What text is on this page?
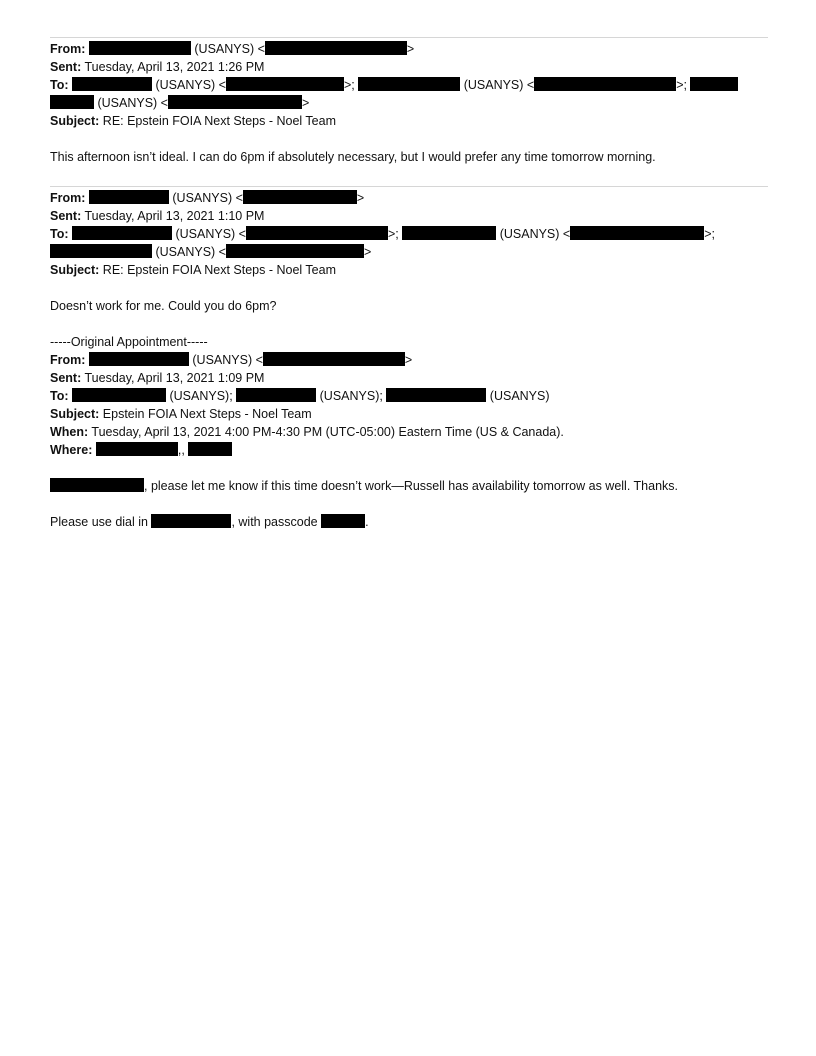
From:	(USANYS) <	>
Sent: Tuesday, April 13, 2021 1:26 PM
To:	(USANYS) <	>;	(USANYS) <	>;
(USANYS) <	>
Subject: RE: Epstein FOIA Next Steps - Noel Team
This afternoon isn’t ideal. I can do 6pm if absolutely necessary, but I would prefer any time tomorrow morning.
From:	(USANYS) <	>
Sent: Tuesday, April 13, 2021 1:10 PM
To:	(USANYS) <	>;	(USANYS) <	>;
(USANYS) <	>
Subject: RE: Epstein FOIA Next Steps - Noel Team
Doesn’t work for me. Could you do 6pm?
-----Original Appointment-----
From:	(USANYS) <	>
Sent: Tuesday, April 13, 2021 1:09 PM
To:	(USANYS);	(USANYS);	(USANYS)
Subject: Epstein FOIA Next Steps - Noel Team
When: Tuesday, April 13, 2021 4:00 PM-4:30 PM (UTC-05:00) Eastern Time (US & Canada).
Where:	,,
, please let me know if this time doesn’t work—Russell has availability tomorrow as well. Thanks.
Please use dial in	, with passcode	.
